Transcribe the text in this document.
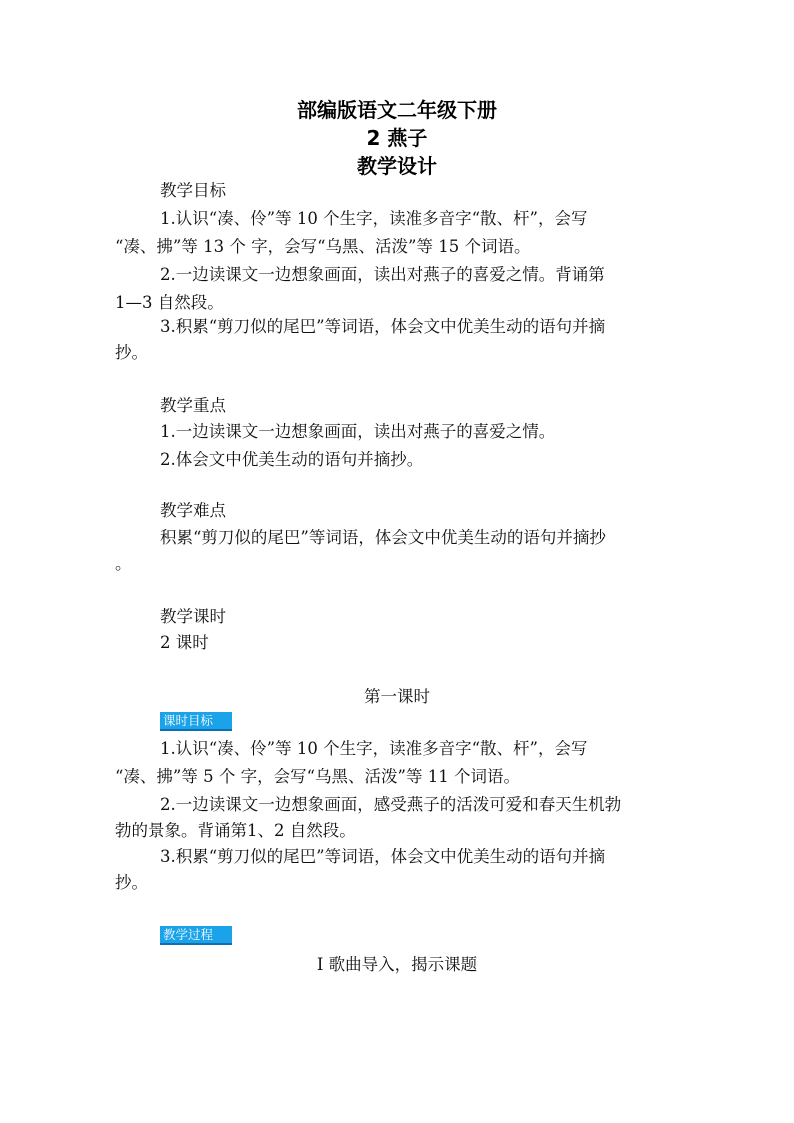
部编版语文二年级下册
2 燕子
教学设计
教学目标
1.认识“凑、伶”等 10 个生字，读准多音字“散、杆”，会写
“凑、拂”等 13 个 字，会写“乌黑、活泼”等 15 个词语。
2.一边读课文一边想象画面，读出对燕子的喜爱之情。背诵第
1—3 自然段。
3.积累“剪刀似的尾巴”等词语，体会文中优美生动的语句并摘
抄。
教学重点
1.一边读课文一边想象画面，读出对燕子的喜爱之情。
2.体会文中优美生动的语句并摘抄。
教学难点
积累“剪刀似的尾巴”等词语，体会文中优美生动的语句并摘抄
。
教学课时
2 课时
第一课时
课时目标
1.认识“凑、伶”等 10 个生字，读准多音字“散、杆”，会写
“凑、拂”等 5 个 字，会写“乌黑、活泼”等 11 个词语。
2.一边读课文一边想象画面，感受燕子的活泼可爱和春天生机勃
勃的景象。背诵第1、2 自然段。
3.积累“剪刀似的尾巴”等词语，体会文中优美生动的语句并摘
抄。
教学过程
Ⅰ 歌曲导入，揭示课题
